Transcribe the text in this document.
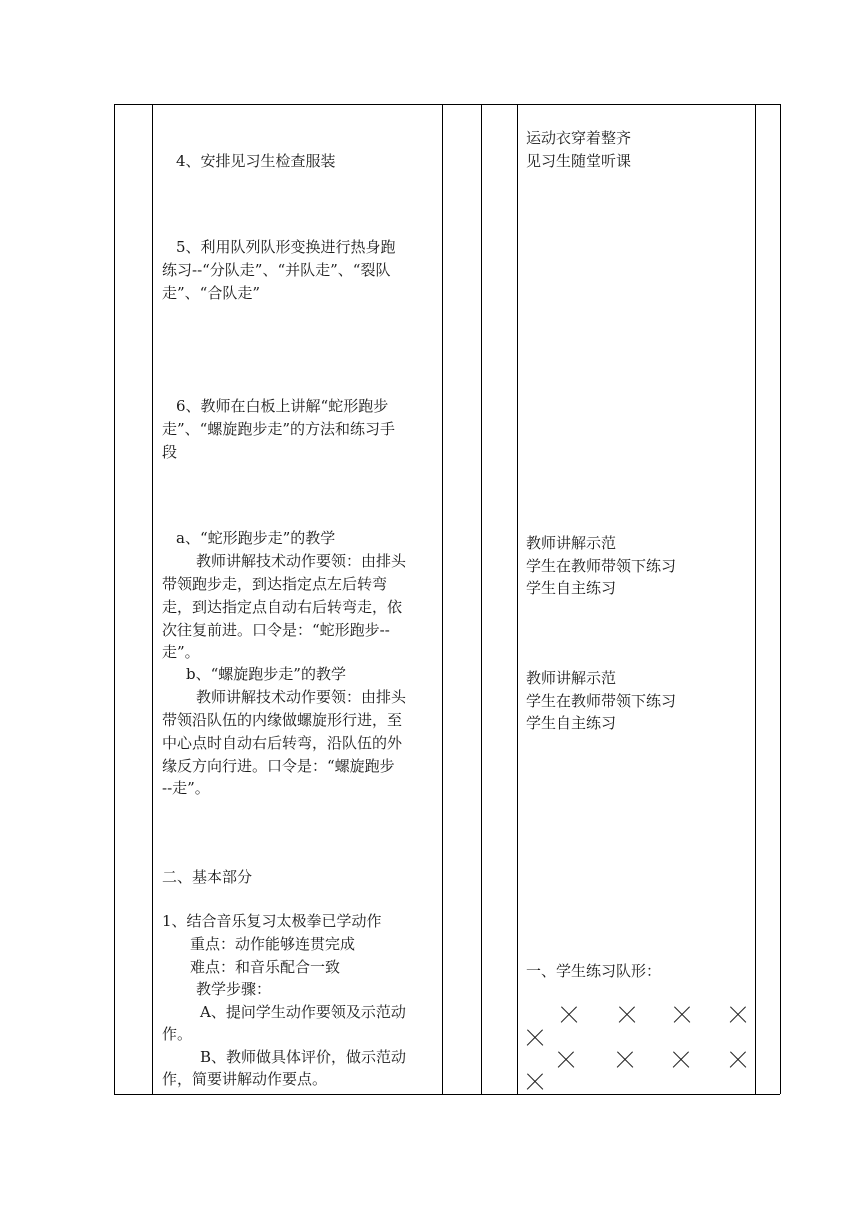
4、安排见习生检查服装
5、利用队列队形变换进行热身跑
练习--“分队走”、“并队走”、“裂队
走”、“合队走”
6、教师在白板上讲解“蛇形跑步
走”、“螺旋跑步走”的方法和练习手
段
a、“蛇形跑步走”的教学
教师讲解技术动作要领：由排头
带领跑步走，到达指定点左后转弯
走，到达指定点自动右后转弯走，依
次往复前进。口令是：“蛇形跑步--
走”。
b、“螺旋跑步走”的教学
教师讲解技术动作要领：由排头
带领沿队伍的内缘做螺旋形行进，至
中心点时自动右后转弯，沿队伍的外
缘反方向行进。口令是：“螺旋跑步
--走”。
二、基本部分
1、结合音乐复习太极拳已学动作
重点：动作能够连贯完成
难点：和音乐配合一致
教学步骤：
A、提问学生动作要领及示范动
作。
B、教师做具体评价，做示范动
作，简要讲解动作要点。
运动衣穿着整齐
见习生随堂听课
教师讲解示范
学生在教师带领下练习
学生自主练习
教师讲解示范
学生在教师带领下练习
学生自主练习
一、学生练习队形：
